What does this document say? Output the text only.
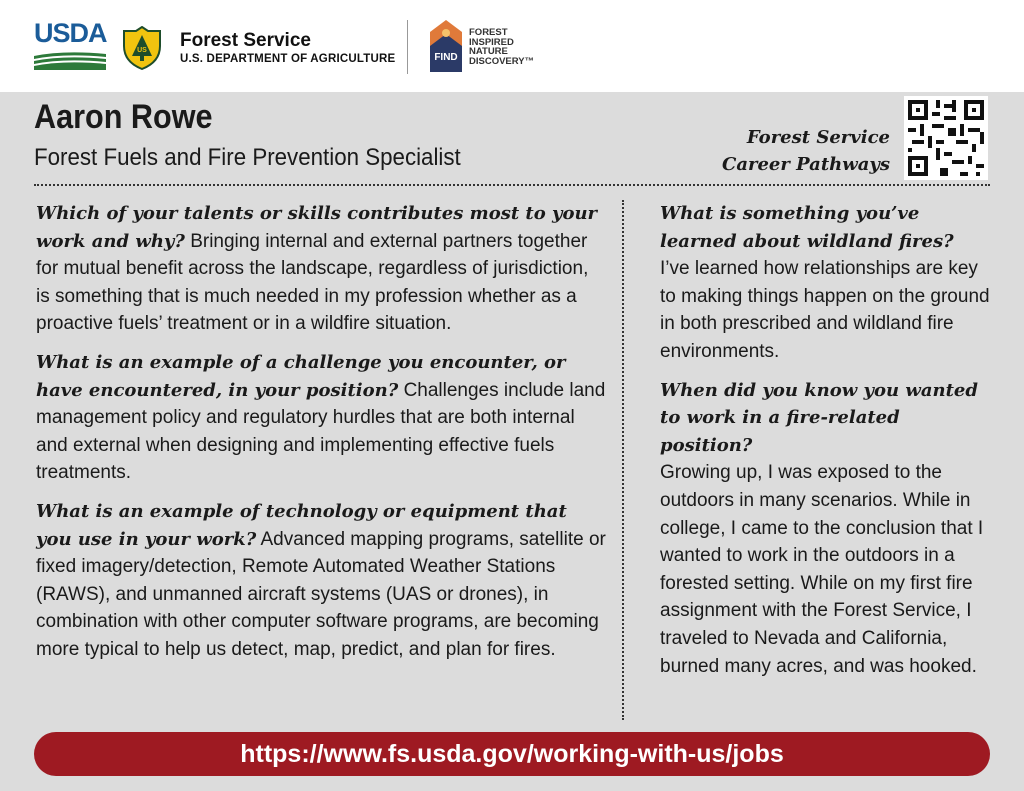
USDA
US Forest Service
U.S. DEPARTMENT OF AGRICULTURE	FIND
FOREST
INSPIRED
NATURE
DISCOVERY™
Aaron Rowe
Forest Fuels and Fire Prevention Specialist
Forest Service
Career Pathways

Which of your talents or skills contributes most to your work and why? Bringing internal and external partners together for mutual benefit across the landscape, regardless of jurisdiction, is something that is much needed in my profession whether as a proactive fuels’ treatment or in a wildfire situation.

What is an example of a challenge you encounter, or have encountered, in your position? Challenges include land management policy and regulatory hurdles that are both internal and external when designing and implementing effective fuels treatments.

What is an example of technology or equipment that you use in your work? Advanced mapping programs, satellite or fixed imagery/detection, Remote Automated Weather Stations (RAWS), and unmanned aircraft systems (UAS or drones), in combination with other computer software programs, are becoming more typical to help us detect, map, predict, and plan for fires.

What is something you’ve learned about wildland fires?
I’ve learned how relationships are key to making things happen on the ground in both prescribed and wildland fire environments.

When did you know you wanted to work in a fire-related position?
Growing up, I was exposed to the outdoors in many scenarios. While in college, I came to the conclusion that I wanted to work in the outdoors in a forested setting. While on my first fire assignment with the Forest Service, I traveled to Nevada and California, burned many acres, and was hooked.

https://www.fs.usda.gov/working-with-us/jobs
